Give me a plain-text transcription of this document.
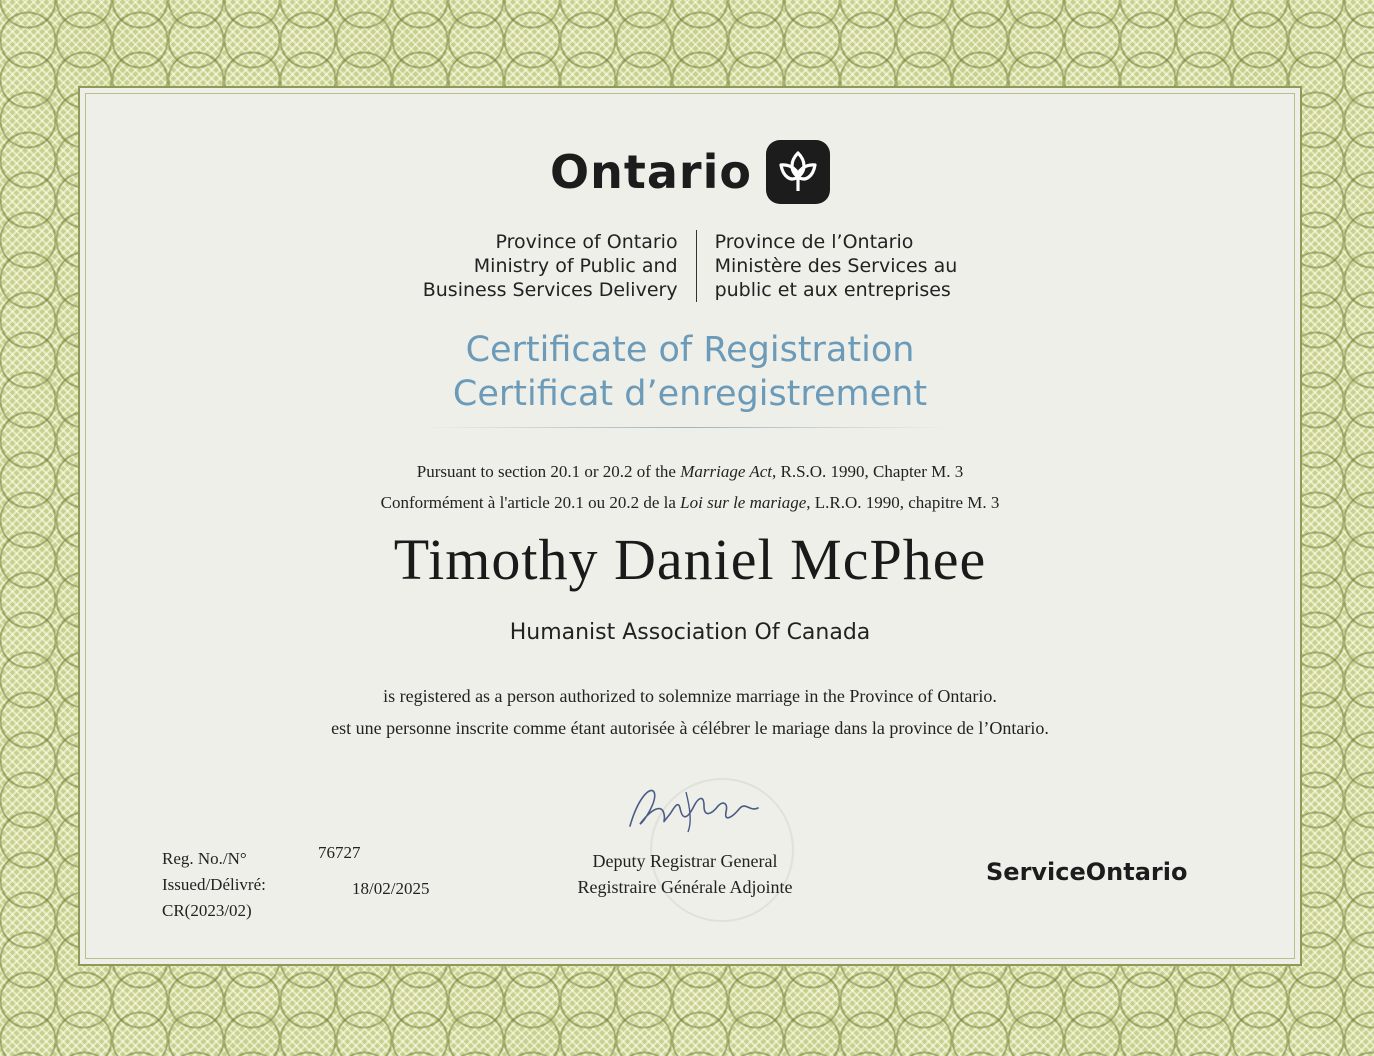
Ontario
Province of Ontario
Ministry of Public and
Business Services Delivery
Province de l’Ontario
Ministère des Services au
public et aux entreprises
Certificate of Registration
Certificat d’enregistrement
Pursuant to section 20.1 or 20.2 of the Marriage Act, R.S.O. 1990, Chapter M. 3
Conformément à l'article 20.1 ou 20.2 de la Loi sur le mariage, L.R.O. 1990, chapitre M. 3
Timothy Daniel McPhee
Humanist Association Of Canada
is registered as a person authorized to solemnize marriage in the Province of Ontario.
est une personne inscrite comme étant autorisée à célébrer le mariage dans la province de l’Ontario.
Deputy Registrar General
Registraire Générale Adjointe
Reg. No./N°	76727
Issued/Délivré:	18/02/2025
CR(2023/02)
ServiceOntario
